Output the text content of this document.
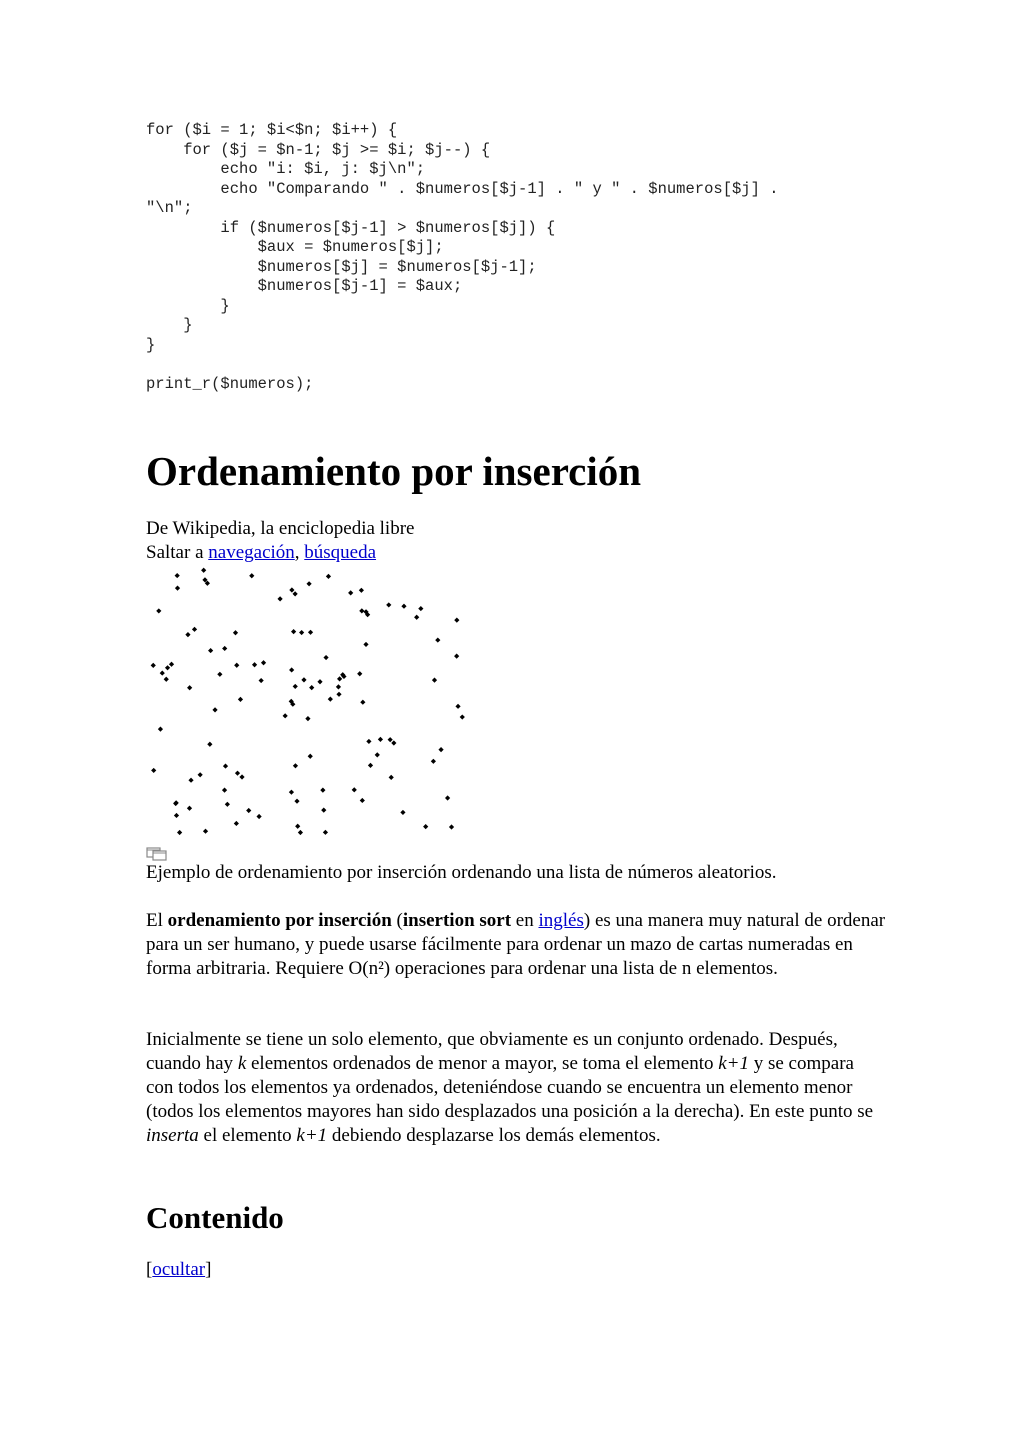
for ($i = 1; $i<$n; $i++) {
for ($j = $n-1; $j >= $i; $j--) {
echo "i: $i, j: $j\n";
echo "Comparando " . $numeros[$j-1] . " y " . $numeros[$j] .
"\n";
if ($numeros[$j-1] > $numeros[$j]) {
$aux = $numeros[$j];
$numeros[$j] = $numeros[$j-1];
$numeros[$j-1] = $aux;
}
}
}

print_r($numeros);
Ordenamiento por inserción
De Wikipedia, la enciclopedia libre
Saltar a navegación, búsqueda
Ejemplo de ordenamiento por inserción ordenando una lista de números aleatorios.

El ordenamiento por inserción (insertion sort en inglés) es una manera muy natural de ordenar para un ser humano, y puede usarse fácilmente para ordenar un mazo de cartas numeradas en forma arbitraria. Requiere O(n²) operaciones para ordenar una lista de n elementos.

Inicialmente se tiene un solo elemento, que obviamente es un conjunto ordenado. Después, cuando hay k elementos ordenados de menor a mayor, se toma el elemento k+1 y se compara con todos los elementos ya ordenados, deteniéndose cuando se encuentra un elemento menor (todos los elementos mayores han sido desplazados una posición a la derecha). En este punto se inserta el elemento k+1 debiendo desplazarse los demás elementos.

Contenido
[ocultar]
